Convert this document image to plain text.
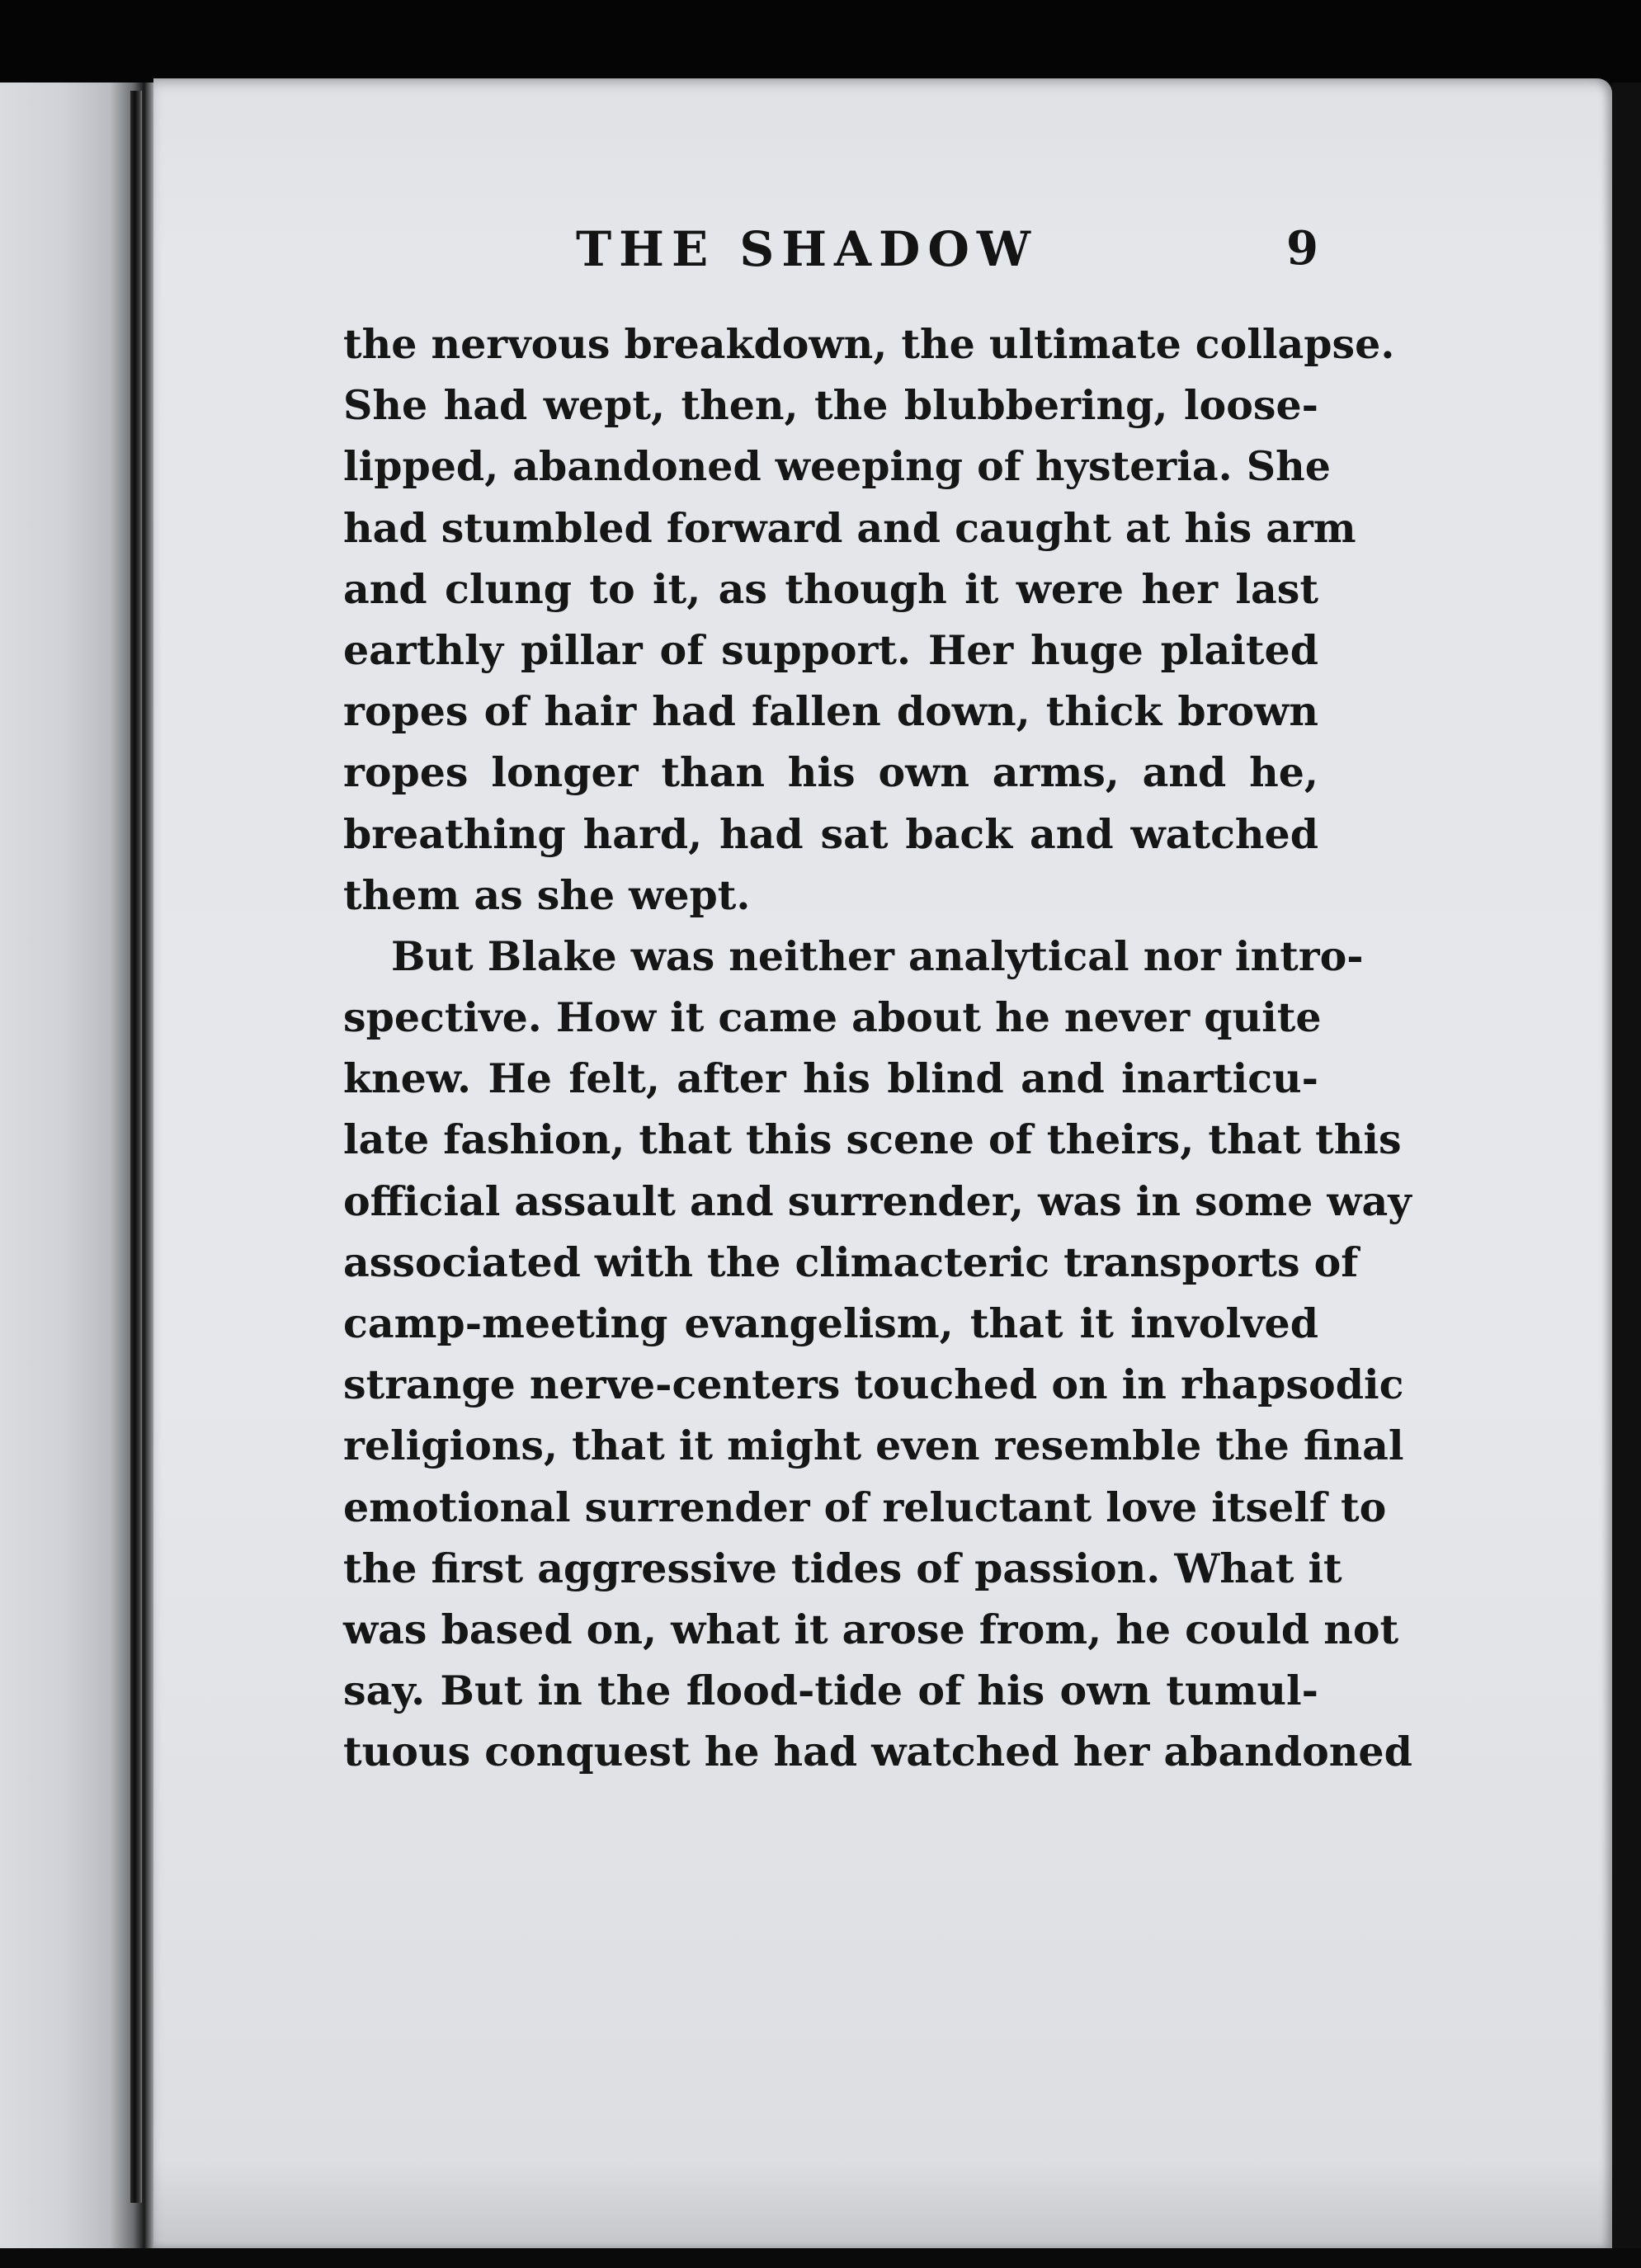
THE SHADOW	9
the nervous breakdown, the ultimate collapse.
She had wept, then, the blubbering, loose-
lipped, abandoned weeping of hysteria. She
had stumbled forward and caught at his arm
and clung to it, as though it were her last
earthly pillar of support. Her huge plaited
ropes of hair had fallen down, thick brown
ropes longer than his own arms, and he,
breathing hard, had sat back and watched
them as she wept.
But Blake was neither analytical nor intro-
spective. How it came about he never quite
knew. He felt, after his blind and inarticu-
late fashion, that this scene of theirs, that this
official assault and surrender, was in some way
associated with the climacteric transports of
camp-meeting evangelism, that it involved
strange nerve-centers touched on in rhapsodic
religions, that it might even resemble the final
emotional surrender of reluctant love itself to
the first aggressive tides of passion. What it
was based on, what it arose from, he could not
say. But in the flood-tide of his own tumul-
tuous conquest he had watched her abandoned
